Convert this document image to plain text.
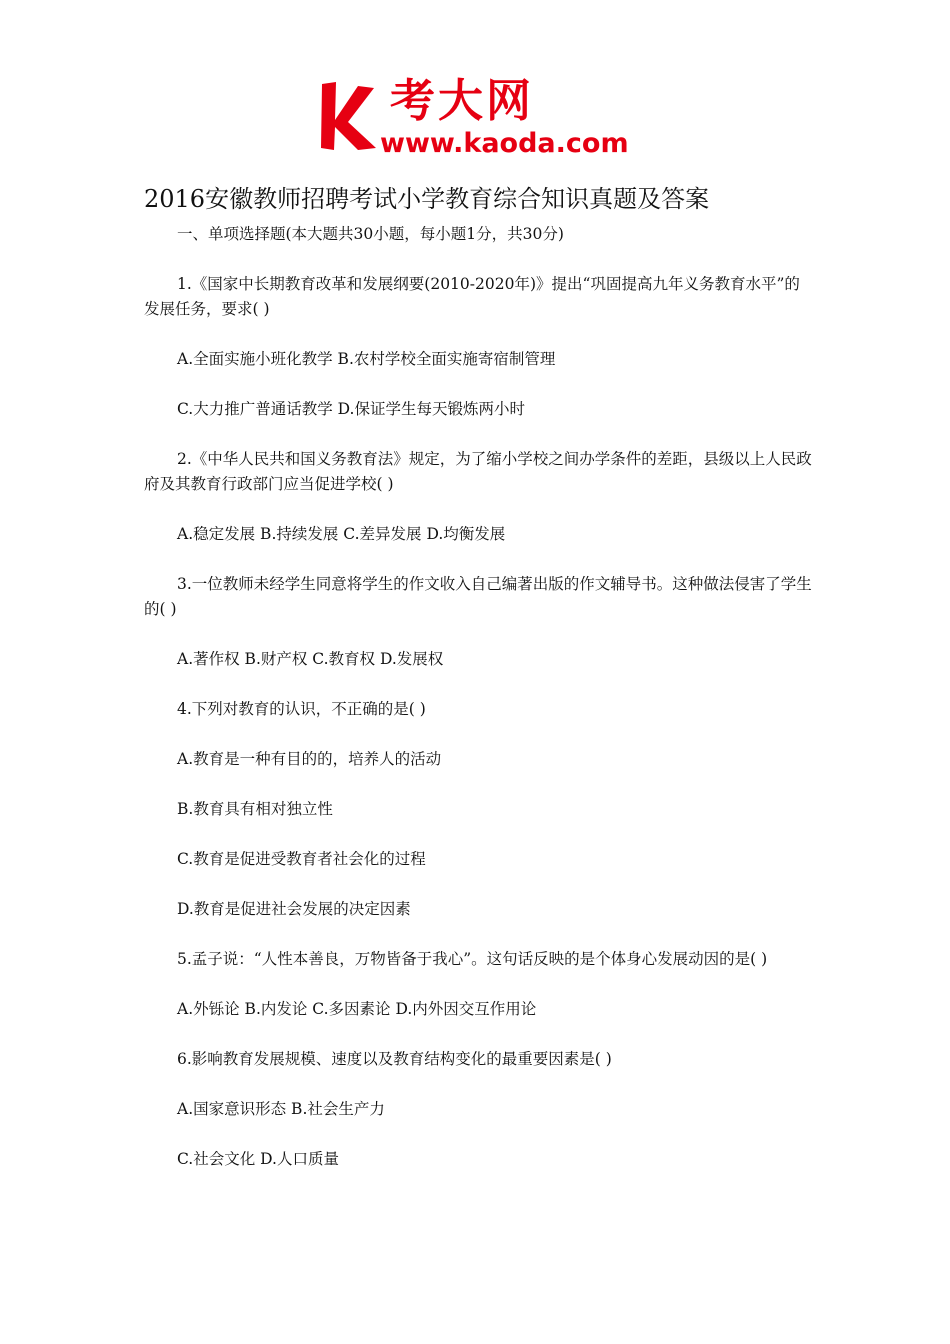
考大网
www.kaoda.com
2016安徽教师招聘考试小学教育综合知识真题及答案

一、单项选择题(本大题共30小题，每小题1分，共30分)

1.《国家中长期教育改革和发展纲要(2010-2020年)》提出“巩固提高九年义务教育水平”的发展任务，要求( )

A.全面实施小班化教学 B.农村学校全面实施寄宿制管理

C.大力推广普通话教学 D.保证学生每天锻炼两小时

2.《中华人民共和国义务教育法》规定，为了缩小学校之间办学条件的差距，县级以上人民政府及其教育行政部门应当促进学校( )

A.稳定发展 B.持续发展 C.差异发展 D.均衡发展

3.一位教师未经学生同意将学生的作文收入自己编著出版的作文辅导书。这种做法侵害了学生的( )

A.著作权 B.财产权 C.教育权 D.发展权

4.下列对教育的认识，不正确的是( )

A.教育是一种有目的的，培养人的活动

B.教育具有相对独立性

C.教育是促进受教育者社会化的过程

D.教育是促进社会发展的决定因素

5.孟子说：“人性本善良，万物皆备于我心”。这句话反映的是个体身心发展动因的是( )

A.外铄论 B.内发论 C.多因素论 D.内外因交互作用论

6.影响教育发展规模、速度以及教育结构变化的最重要因素是( )

A.国家意识形态 B.社会生产力

C.社会文化 D.人口质量
